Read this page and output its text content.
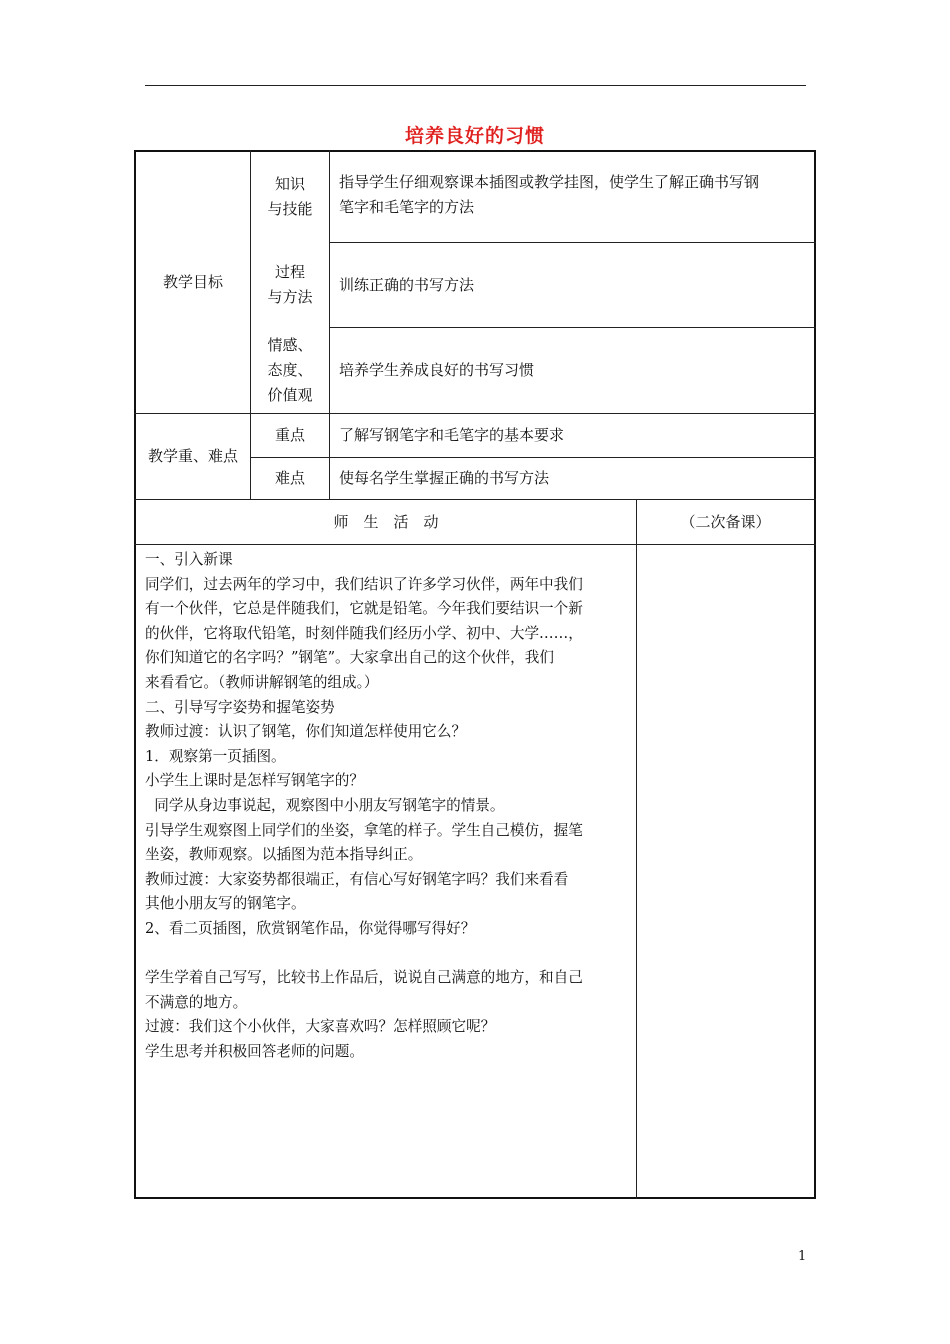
培养良好的习惯
教学目标
知识
与技能
指导学生仔细观察课本插图或教学挂图，使学生了解正确书写钢
笔字和毛笔字的方法
过程
与方法
训练正确的书写方法
情感、
态度、
价值观
培养学生养成良好的书写习惯
教学重、难点
重点 了解写钢笔字和毛笔字的基本要求
难点 使每名学生掌握正确的书写方法
师　生　活　动	（二次备课）
一、引入新课
同学们，过去两年的学习中，我们结识了许多学习伙伴，两年中我们
有一个伙伴，它总是伴随我们，它就是铅笔。今年我们要结识一个新
的伙伴，它将取代铅笔，时刻伴随我们经历小学、初中、大学……，
你们知道它的名字吗？”钢笔”。大家拿出自己的这个伙伴，我们
来看看它。（教师讲解钢笔的组成。）
二、引导写字姿势和握笔姿势
教师过渡：认识了钢笔，你们知道怎样使用它么？
1．观察第一页插图。
小学生上课时是怎样写钢笔字的？
同学从身边事说起，观察图中小朋友写钢笔字的情景。
引导学生观察图上同学们的坐姿，拿笔的样子。学生自己模仿，握笔
坐姿，教师观察。以插图为范本指导纠正。
教师过渡：大家姿势都很端正，有信心写好钢笔字吗？我们来看看
其他小朋友写的钢笔字。
2、看二页插图，欣赏钢笔作品，你觉得哪写得好？
学生学着自己写写，比较书上作品后，说说自己满意的地方，和自己
不满意的地方。
过渡：我们这个小伙伴，大家喜欢吗？怎样照顾它呢？
学生思考并积极回答老师的问题。
1
